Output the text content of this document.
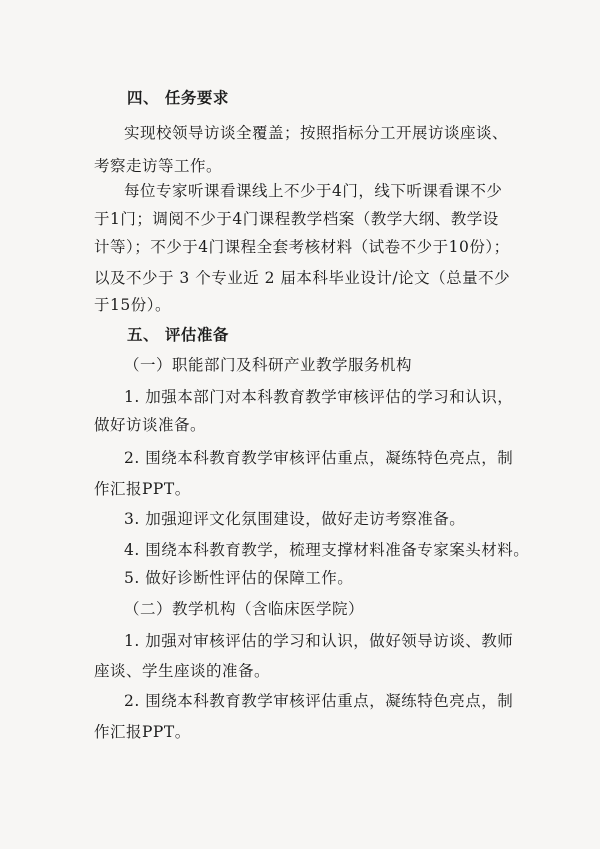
四、 任务要求

实现校领导访谈全覆盖；按照指标分工开展访谈座谈、

考察走访等工作。

每位专家听课看课线上不少于4门，线下听课看课不少

于1门；调阅不少于4门课程教学档案（教学大纲、教学设

计等）；不少于4门课程全套考核材料（试卷不少于10份）；

以及不少于 3 个专业近 2 届本科毕业设计/论文（总量不少

于15份）。

五、 评估准备

（一）职能部门及科研产业教学服务机构

1. 加强本部门对本科教育教学审核评估的学习和认识，

做好访谈准备。

2. 围绕本科教育教学审核评估重点，凝练特色亮点，制

作汇报PPT。

3. 加强迎评文化氛围建设，做好走访考察准备。

4. 围绕本科教育教学，梳理支撑材料准备专家案头材料。

5. 做好诊断性评估的保障工作。

（二）教学机构（含临床医学院）

1. 加强对审核评估的学习和认识，做好领导访谈、教师

座谈、学生座谈的准备。

2. 围绕本科教育教学审核评估重点，凝练特色亮点，制

作汇报PPT。
